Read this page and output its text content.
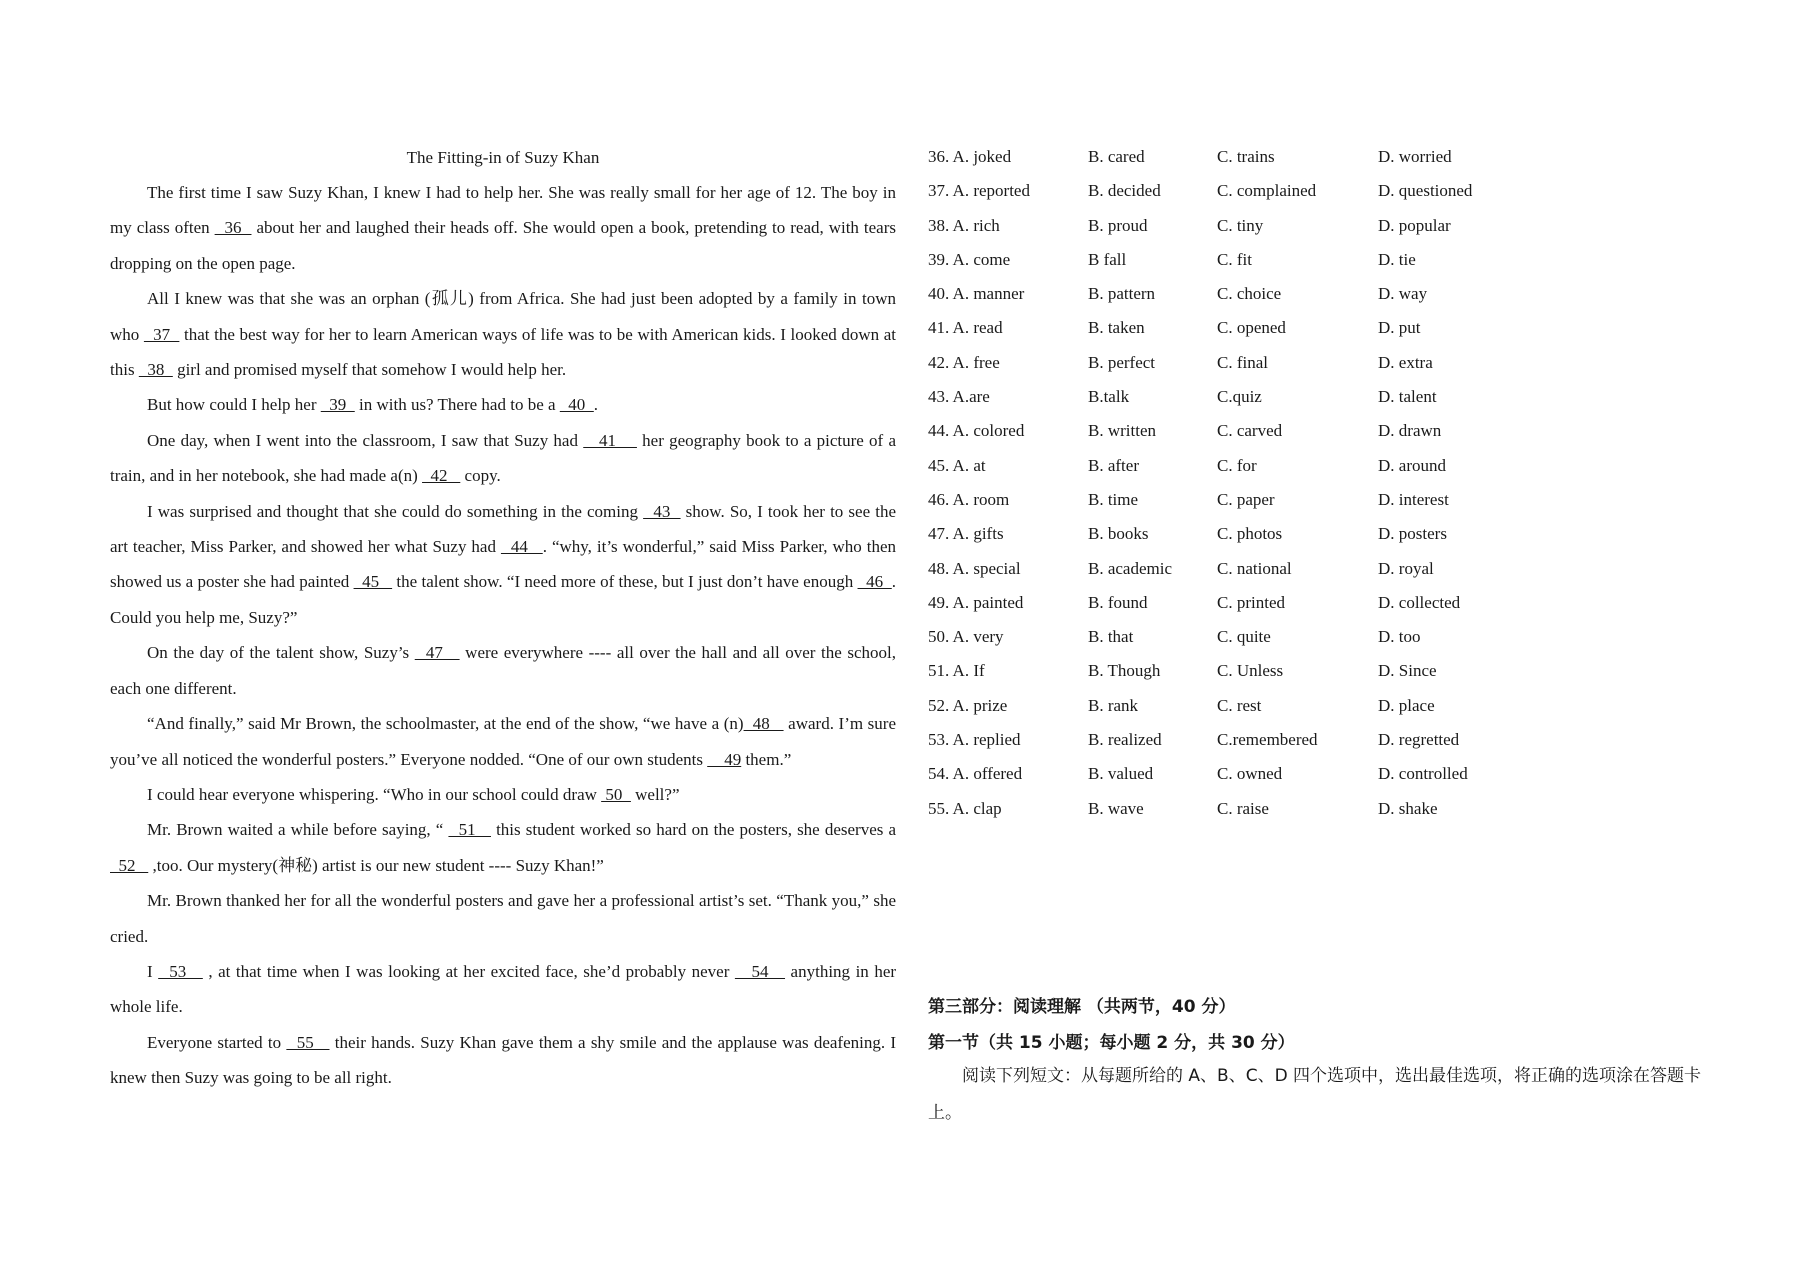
The Fitting-in of Suzy Khan

The first time I saw Suzy Khan, I knew I had to help her. She was really small for her age of 12. The boy in my class often   36   about her and laughed their heads off. She would open a book, pretending to read, with tears dropping on the open page.

All I knew was that she was an orphan (孤儿) from Africa. She had just been adopted by a family in town who   37   that the best way for her to learn American ways of life was to be with American kids. I looked down at this   38   girl and promised myself that somehow I would help her.

But how could I help her   39   in with us? There had to be a   40  .

One day, when I went into the classroom, I saw that Suzy had    41     her geography book to a picture of a train, and in her notebook, she had made a(n)   42    copy.

I was surprised and thought that she could do something in the coming   43   show. So, I took her to see the art teacher, Miss Parker, and showed her what Suzy had   44   . “why, it’s wonderful,” said Miss Parker, who then showed us a poster she had painted   45    the talent show. “I need more of these, but I just don’t have enough   46  . Could you help me, Suzy?”

On the day of the talent show, Suzy’s   47    were everywhere ---- all over the hall and all over the school, each one different.

“And finally,” said Mr Brown, the schoolmaster, at the end of the show, “we have a (n)  48    award. I’m sure you’ve all noticed the wonderful posters.” Everyone nodded. “One of our own students     49 them.”

I could hear everyone whispering. “Who in our school could draw  50   well?”

Mr. Brown waited a while before saying, “   51    this student worked so hard on the posters, she deserves a   52    ,too. Our mystery(神秘) artist is our new student ---- Suzy Khan!”

Mr. Brown thanked her for all the wonderful posters and gave her a professional artist’s set. “Thank you,” she cried.

I   53    , at that time when I was looking at her excited face, she’d probably never    54    anything in her whole life.

Everyone started to   55    their hands. Suzy Khan gave them a shy smile and the applause was deafening. I knew then Suzy was going to be all right.

36. A. joked	B. cared	C. trains	D. worried
37. A. reported	B. decided	C. complained	D. questioned
38. A. rich	B. proud	C. tiny	D. popular
39. A. come	B fall	C. fit	D. tie
40. A. manner	B. pattern	C. choice	D. way
41. A. read	B. taken	C. opened	D. put
42. A. free	B. perfect	C. final	D. extra
43. A.are	B.talk	C.quiz	D. talent
44. A. colored	B. written	C. carved	D. drawn
45. A. at	B. after	C. for	D. around
46. A. room	B. time	C. paper	D. interest
47. A. gifts	B. books	C. photos	D. posters
48. A. special	B. academic	C. national	D. royal
49. A. painted	B. found	C. printed	D. collected
50. A. very	B. that	C. quite	D. too
51. A. If	B. Though	C. Unless	D. Since
52. A. prize	B. rank	C. rest	D. place
53. A. replied	B. realized	C.remembered	D. regretted
54. A. offered	B. valued	C. owned	D. controlled
55. A. clap	B. wave	C. raise	D. shake
第三部分：阅读理解 （共两节，40 分）
第一节（共 15 小题；每小题 2 分，共 30 分）

阅读下列短文：从每题所给的 A、B、C、D 四个选项中，选出最佳选项，将正确的选项涂在答题卡上。
